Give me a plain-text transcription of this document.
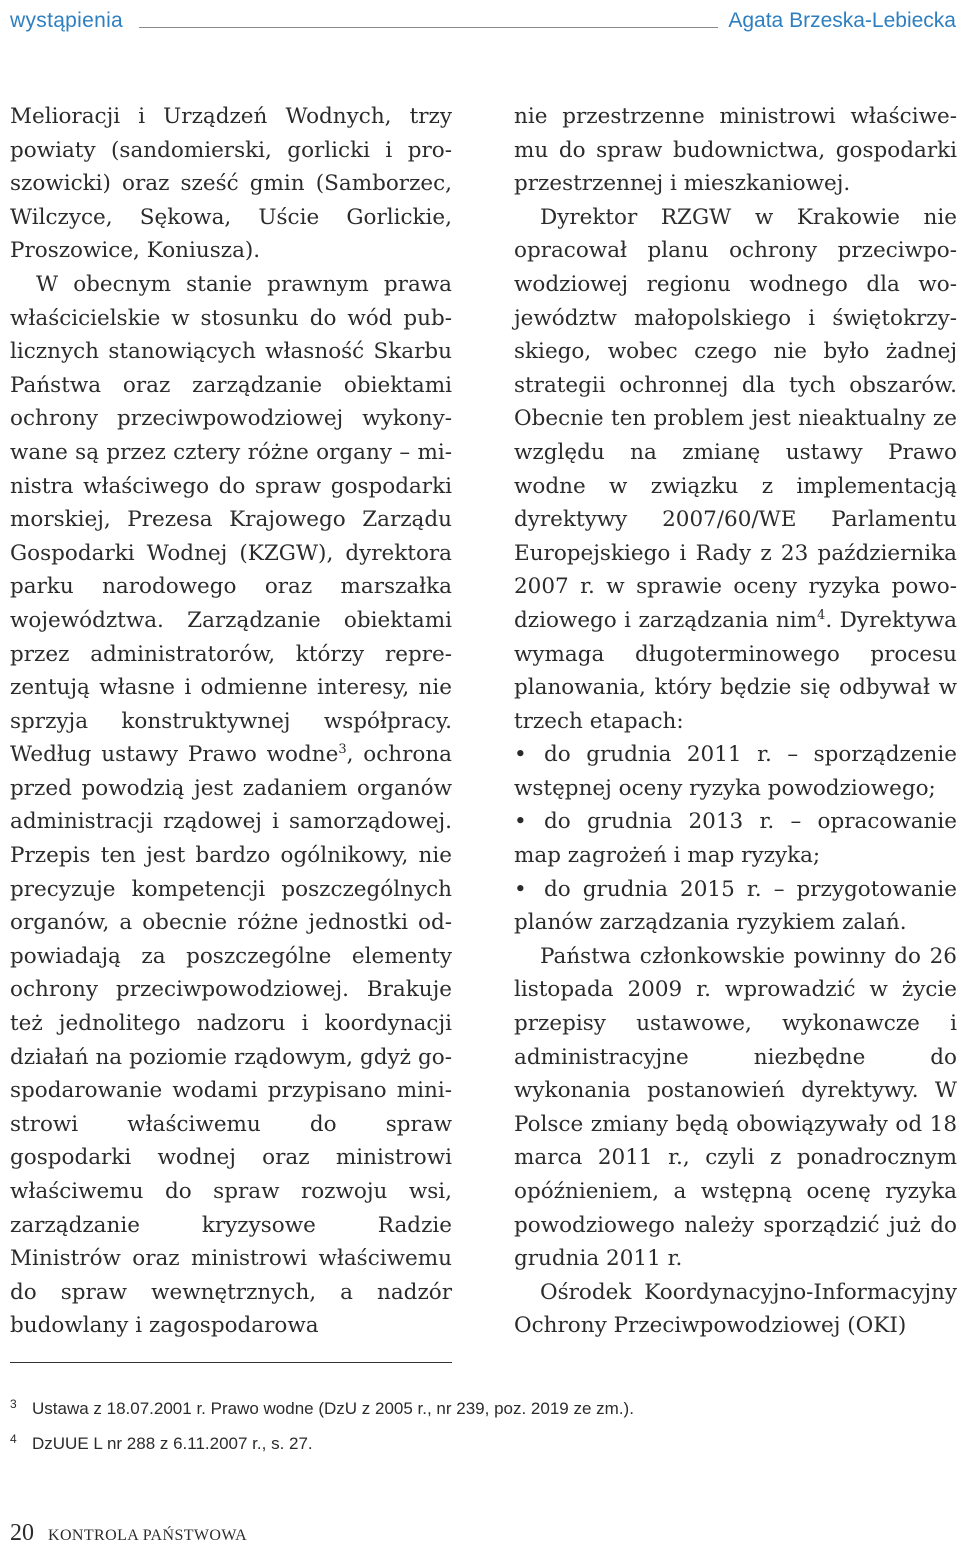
wystąpienia	Agata Brzeska-Lebiecka

Melioracji i Urządzeń Wodnych, trzy powiaty (sandomierski, gorlicki i proszowicki) oraz sześć gmin (Samborzec, Wilczyce, Sękowa, Uście Gorlickie, Proszowice, Koniusza).

W obecnym stanie prawnym prawa właścicielskie w stosunku do wód publicznych stanowiących własność Skarbu Państwa oraz zarządzanie obiektami ochrony przeciwpowodziowej wykonywane są przez cztery różne organy – ministra właściwego do spraw gospodarki morskiej, Prezesa Krajowego Zarządu Gospodarki Wodnej (KZGW), dyrektora parku narodowego oraz marszałka województwa. Zarządzanie obiektami przez administratorów, którzy reprezentują własne i odmienne interesy, nie sprzyja konstruktywnej współpracy. Według ustawy Prawo wodne$^3$, ochrona przed powodzią jest zadaniem organów administracji rządowej i samorządowej. Przepis ten jest bardzo ogólnikowy, nie precyzuje kompetencji poszczególnych organów, a obecnie różne jednostki odpowiadają za poszczególne elementy ochrony przeciwpowodziowej. Brakuje też jednolitego nadzoru i koordynacji działań na poziomie rządowym, gdyż gospodarowanie wodami przypisano ministrowi właściwemu do spraw gospodarki wodnej oraz ministrowi właściwemu do spraw rozwoju wsi, zarządzanie kryzysowe Radzie Ministrów oraz ministrowi właściwemu do spraw wewnętrznych, a nadzór budowlany i zagospodarowa

nie przestrzenne ministrowi właściwemu do spraw budownictwa, gospodarki przestrzennej i mieszkaniowej.

Dyrektor RZGW w Krakowie nie opracował planu ochrony przeciwpowodziowej regionu wodnego dla województw małopolskiego i świętokrzyskiego, wobec czego nie było żadnej strategii ochronnej dla tych obszarów. Obecnie ten problem jest nieaktualny ze względu na zmianę ustawy Prawo wodne w związku z implementacją dyrektywy 2007/60/WE Parlamentu Europejskiego i Rady z 23 października 2007 r. w sprawie oceny ryzyka powodziowego i zarządzania nim$^4$. Dyrektywa wymaga długoterminowego procesu planowania, który będzie się odbywał w trzech etapach:

• do grudnia 2011 r. – sporządzenie wstępnej oceny ryzyka powodziowego;
• do grudnia 2013 r. – opracowanie map zagrożeń i map ryzyka;
• do grudnia 2015 r. – przygotowanie planów zarządzania ryzykiem zalań.

Państwa członkowskie powinny do 26 listopada 2009 r. wprowadzić w życie przepisy ustawowe, wykonawcze i administracyjne niezbędne do wykonania postanowień dyrektywy. W Polsce zmiany będą obowiązywały od 18 marca 2011 r., czyli z ponadrocznym opóźnieniem, a wstępną ocenę ryzyka powodziowego należy sporządzić już do grudnia 2011 r.

Ośrodek Koordynacyjno-Informacyjny Ochrony Przeciwpowodziowej (OKI)

3 Ustawa z 18.07.2001 r. Prawo wodne (DzU z 2005 r., nr 239, poz. 2019 ze zm.).
4 DzUUE L nr 288 z 6.11.2007 r., s. 27.
20 KONTROLA PAŃSTWOWA
